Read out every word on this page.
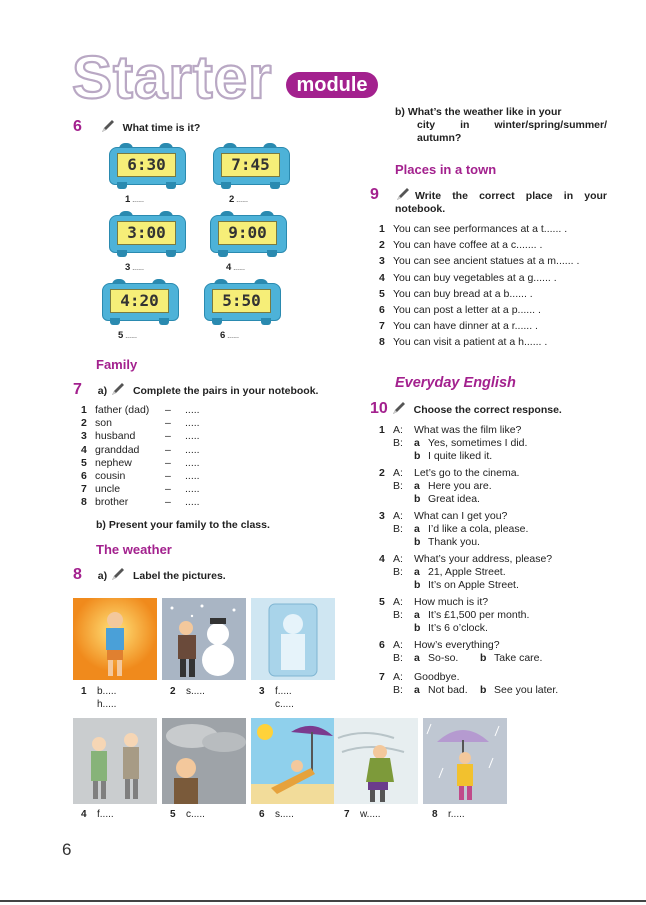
Starter	module
6	What time is it?
6:30
1 ......
7:45
2 ......
3:00
3 ......
9:00
4 ......
4:20
5 ......
5:50
6 ......
Family
7 a) Complete the pairs in your notebook.
1 father (dad) – .....
2 son	– .....
3 husband	– .....
4 granddad – .....
5 nephew	– .....
6 cousin	– .....
7 uncle	– .....
8 brother	– .....
b) Present your family to the class.
The weather
8 a) Label the pictures.
1 b.....
h.....
2 s.....	3 f.....
c.....
4 f.....	5 c.....	6 s.....	7 w.....	8 r.....
b) What’s the weather like in your
city in winter/spring/summer/
autumn?
Places in a town
9	Write the correct place in your
notebook.
1 You can see performances at a t...... .
2 You can have coffee at a c....... .
3 You can see ancient statues at a m...... .
4 You can buy vegetables at a g...... .
5 You can buy bread at a b...... .
6 You can post a letter at a p...... .
7 You can have dinner at a r...... .
8 You can visit a patient at a h...... .
Everyday English
10 Choose the correct response.
1 A: What was the film like?
B: a Yes, sometimes I did.
b I quite liked it.
2 A: Let’s go to the cinema.
B: a Here you are.
b Great idea.
3 A: What can I get you?
B: a I’d like a cola, please.
b Thank you.
4 A: What’s your address, please?
B: a 21, Apple Street.
b It’s on Apple Street.
5 A: How much is it?
B: a It’s £1,500 per month.
b It’s 6 o’clock.
6 A: How’s everything?
B: a So-so. b Take care.
7 A: Goodbye.
B: a Not bad. b See you later.
6
